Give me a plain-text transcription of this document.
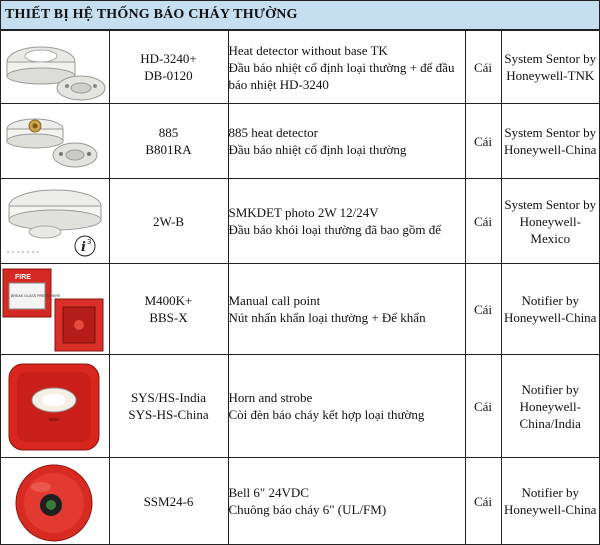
THIẾT BỊ HỆ THỐNG BÁO CHÁY THƯỜNG

HD-3240+
DB-0120	Heat detector without base TK
Đầu báo nhiệt cố định loại thường + để đầu
báo nhiệt HD-3240	Cái	System Sentor by
Honeywell-TNK

885
B801RA	885 heat detector
Đầu báo nhiệt cố định loại thường	Cái	System Sentor by
Honeywell-China

i 3	2W-B	SMKDET photo 2W 12/24V
Đầu báo khói loại thường đã bao gồm để	Cái	System Sentor by
Honeywell-
Mexico

FIRE
BREAK GLASS PRESS HERE	M400K+
BBS-X	Manual call point
Nút nhấn khẩn loại thường + Để khẩn	Cái	Notifier by
Honeywell-China

SYS/HS-India
SYS-HS-China	Horn and strobe
Còi đèn báo cháy kết hợp loại thường	Cái	Notifier by
Honeywell-
China/India

SSM24-6	Bell 6" 24VDC
Chuông báo cháy 6" (UL/FM)	Cái	Notifier by
Honeywell-China
